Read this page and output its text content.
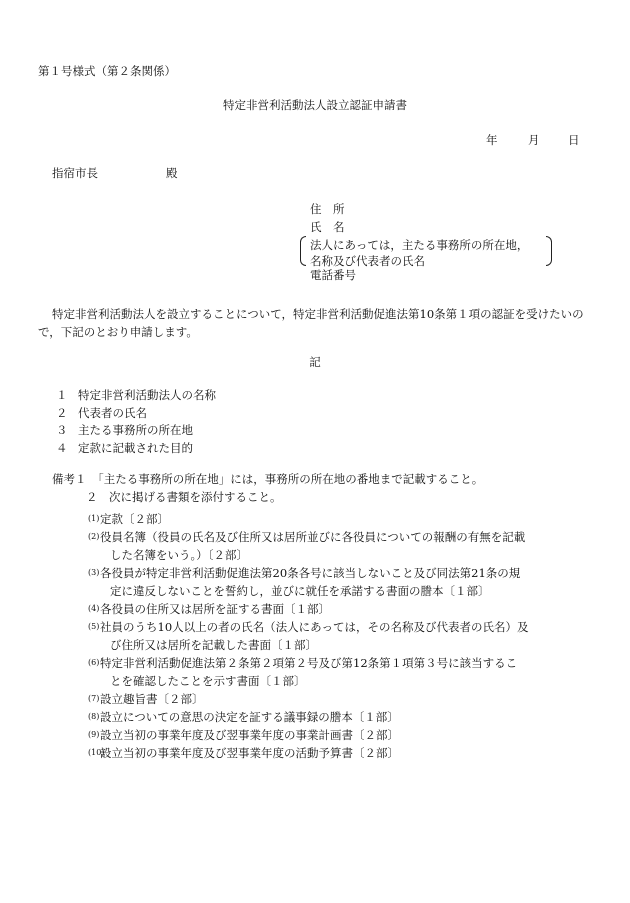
第１号様式（第２条関係）
特定非営利活動法人設立認証申請書
年	月 日
指宿市長	殿
住　所
氏　名
法人にあっては，主たる事務所の所在地，
名称及び代表者の氏名
電話番号
特定非営利活動法人を設立することについて，特定非営利活動促進法第10条第１項の認証を受けたいので，下記のとおり申請します。
記
１ 特定非営利活動法人の名称
２ 代表者の氏名
３ 主たる事務所の所在地
４ 定款に記載された目的
備考１　「主たる事務所の所在地」には，事務所の所在地の番地まで記載すること。
２　次に掲げる書類を添付すること。
(1) 定款〔２部〕
(2) 役員名簿（役員の氏名及び住所又は居所並びに各役員についての報酬の有無を記載
した名簿をいう。）〔２部〕
(3) 各役員が特定非営利活動促進法第20条各号に該当しないこと及び同法第21条の規
定に違反しないことを誓約し，並びに就任を承諾する書面の謄本〔１部〕
(4) 各役員の住所又は居所を証する書面〔１部〕
(5) 社員のうち10人以上の者の氏名（法人にあっては，その名称及び代表者の氏名）及
び住所又は居所を記載した書面〔１部〕
(6) 特定非営利活動促進法第２条第２項第２号及び第12条第１項第３号に該当するこ
とを確認したことを示す書面〔１部〕
(7) 設立趣旨書〔２部〕
(8) 設立についての意思の決定を証する議事録の謄本〔１部〕
(9) 設立当初の事業年度及び翌事業年度の事業計画書〔２部〕
(10)
設立当初の事業年度及び翌事業年度の活動予算書〔２部〕
